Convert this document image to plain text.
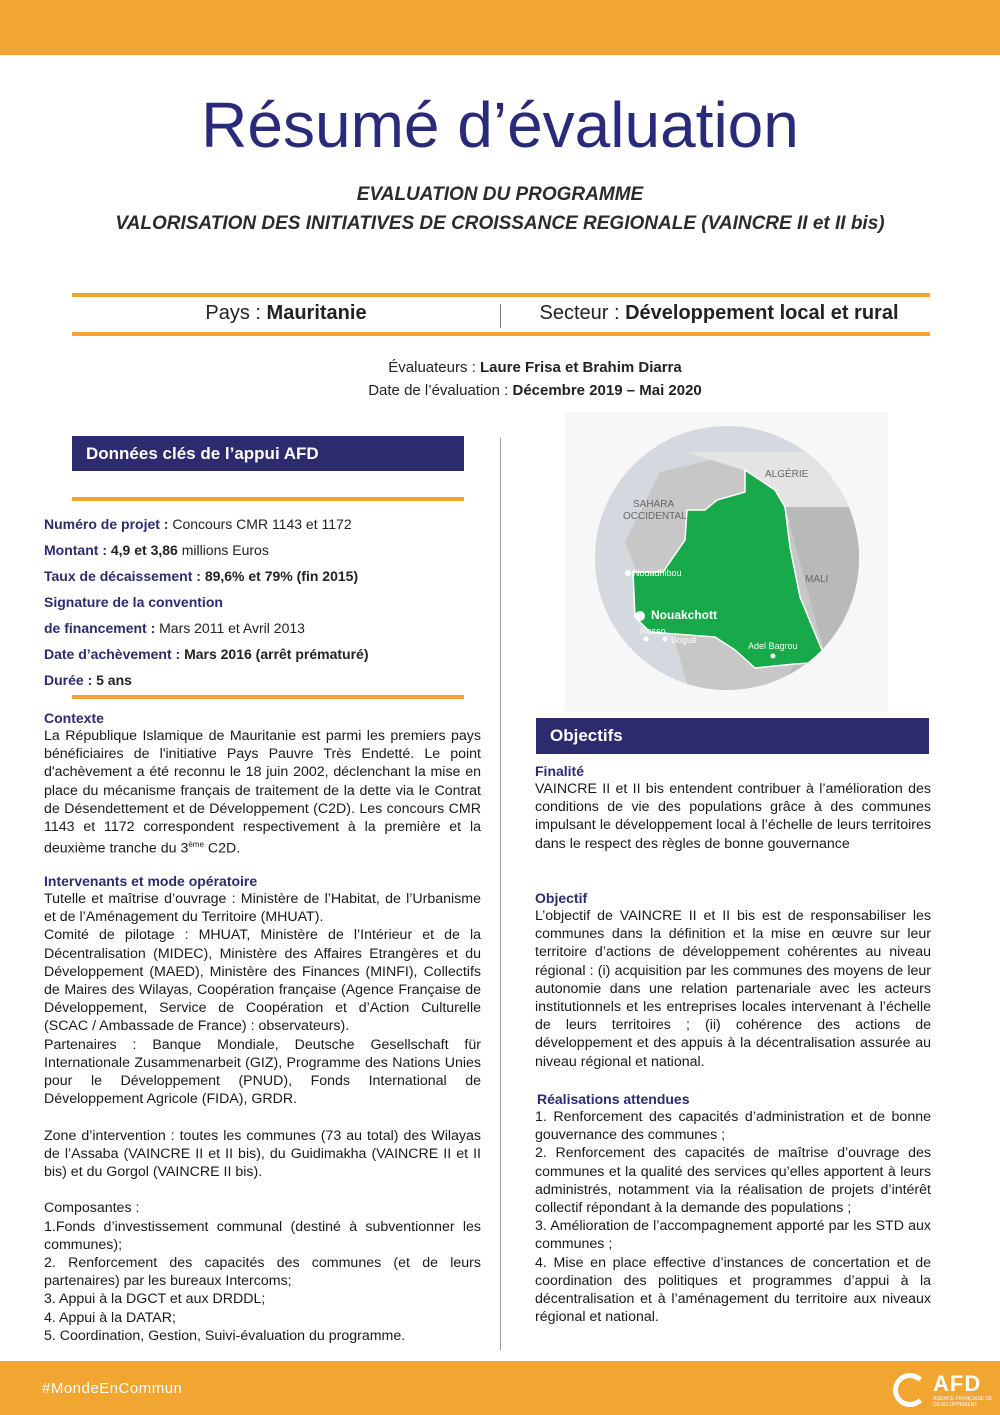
Résumé d’évaluation
EVALUATION DU PROGRAMME
VALORISATION DES INITIATIVES DE CROISSANCE REGIONALE (VAINCRE II et II bis)
Pays : Mauritanie	Secteur : Développement local et rural
Évaluateurs : Laure Frisa et Brahim Diarra
Date de l’évaluation : Décembre 2019 – Mai 2020
Données clés de l’appui AFD
Numéro de projet : Concours CMR 1143 et 1172
Montant : 4,9 et 3,86 millions Euros
Taux de décaissement : 89,6% et 79% (fin 2015)
Signature de la convention
de financement : Mars 2011 et Avril 2013
Date d’achèvement : Mars 2016 (arrêt prématuré)
Durée : 5 ans
Contexte
La République Islamique de Mauritanie est parmi les premiers pays bénéficiaires de l'initiative Pays Pauvre Très Endetté. Le point d'achèvement a été reconnu le 18 juin 2002, déclenchant la mise en place du mécanisme français de traitement de la dette via le Contrat de Désendettement et de Développement (C2D). Les concours CMR 1143 et 1172 correspondent respectivement à la première et la deuxième tranche du 3ème C2D.
Intervenants et mode opératoire
Tutelle et maîtrise d’ouvrage : Ministère de l’Habitat, de l’Urbanisme et de l’Aménagement du Territoire (MHUAT).
Comité de pilotage : MHUAT, Ministère de l’Intérieur et de la Décentralisation (MIDEC), Ministère des Affaires Etrangères et du Développement (MAED), Ministère des Finances (MINFI), Collectifs de Maires des Wilayas, Coopération française (Agence Française de Développement, Service de Coopération et d’Action Culturelle (SCAC / Ambassade de France) : observateurs).
Partenaires : Banque Mondiale, Deutsche Gesellschaft für Internationale Zusammenarbeit (GIZ), Programme des Nations Unies pour le Développement (PNUD), Fonds International de Développement Agricole (FIDA), GRDR.
Zone d’intervention : toutes les communes (73 au total) des Wilayas de l’Assaba (VAINCRE II et II bis), du Guidimakha (VAINCRE II et II bis) et du Gorgol (VAINCRE II bis).
Composantes :
1.Fonds d’investissement communal (destiné à subventionner les communes);
2. Renforcement des capacités des communes (et de leurs partenaires) par les bureaux Intercoms;
3. Appui à la DGCT et aux DRDDL;
4. Appui à la DATAR;
5. Coordination, Gestion, Suivi-évaluation du programme.
ALGÉRIE
SAHARA
OCCIDENTAL
MALI
Nouadhibou
Nouakchott
Rosso
Bogué
Adel Bagrou
Objectifs
Finalité
VAINCRE II et II bis entendent contribuer à l’amélioration des conditions de vie des populations grâce à des communes impulsant le développement local à l’échelle de leurs territoires dans le respect des règles de bonne gouvernance
Objectif
L’objectif de VAINCRE II et II bis est de responsabiliser les communes dans la définition et la mise en œuvre sur leur territoire d’actions de développement cohérentes au niveau régional : (i) acquisition par les communes des moyens de leur autonomie dans une relation partenariale avec les acteurs institutionnels et les entreprises locales intervenant à l’échelle de leurs territoires ; (ii) cohérence des actions de développement et des appuis à la décentralisation assurée au niveau régional et national.
Réalisations attendues
1. Renforcement des capacités d’administration et de bonne gouvernance des communes ;
2. Renforcement des capacités de maîtrise d’ouvrage des communes et la qualité des services qu’elles apportent à leurs administrés, notamment via la réalisation de projets d’intérêt collectif répondant à la demande des populations ;
3. Amélioration de l’accompagnement apporté par les STD aux communes ;
4. Mise en place effective d’instances de concertation et de coordination des politiques et programmes d’appui à la décentralisation et à l’aménagement du territoire aux niveaux régional et national.
#MondeEnCommun	AFD
AGENCE FRANÇAISE DE DÉVELOPPEMENT
